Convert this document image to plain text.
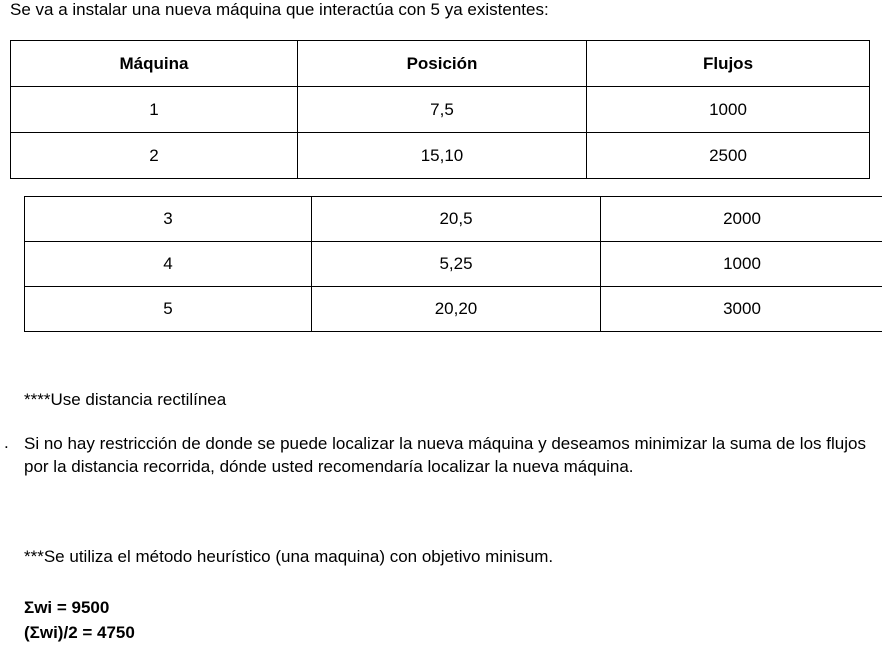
Se va a instalar una nueva máquina que interactúa con 5 ya existentes:
Máquina	Posición	Flujos
1	7,5	1000
2	15,10	2500
3	20,5	2000
4	5,25	1000
5	20,20	3000
****Use distancia rectilínea
. Si no hay restricción de donde se puede localizar la nueva máquina y deseamos minimizar la suma de los flujos por la distancia recorrida, dónde usted recomendaría localizar la nueva máquina.
***Se utiliza el método heurístico (una maquina) con objetivo minisum.
Σwi = 9500
(Σwi)/2 = 4750
